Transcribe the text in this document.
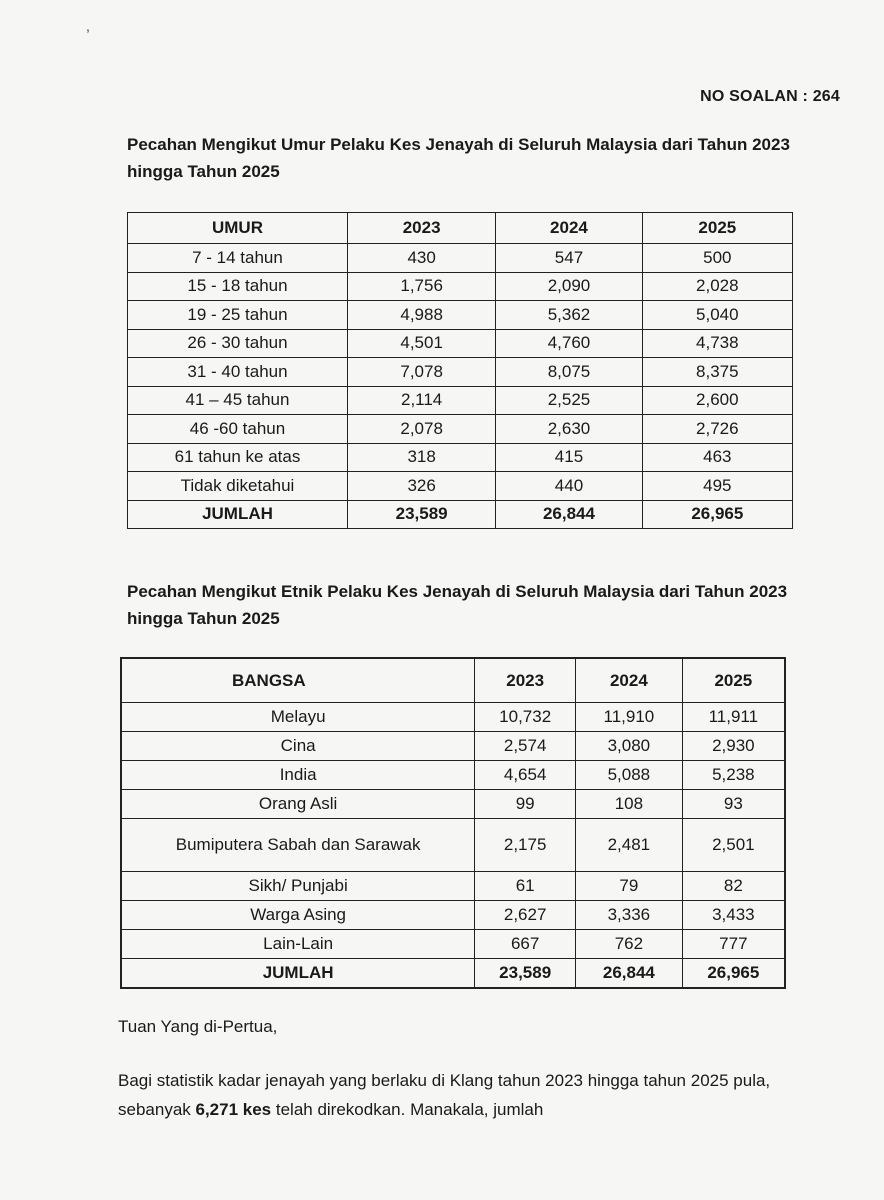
,
NO SOALAN : 264
Pecahan Mengikut Umur Pelaku Kes Jenayah di Seluruh Malaysia dari Tahun 2023 hingga Tahun 2025
UMUR	2023	2024	2025
7 - 14 tahun	430	547	500
15 - 18 tahun	1,756	2,090	2,028
19 - 25 tahun	4,988	5,362	5,040
26 - 30 tahun	4,501	4,760	4,738
31 - 40 tahun	7,078	8,075	8,375
41 – 45 tahun	2,114	2,525	2,600
46 -60 tahun	2,078	2,630	2,726
61 tahun ke atas	318	415	463
Tidak diketahui	326	440	495
JUMLAH	23,589	26,844	26,965
Pecahan Mengikut Etnik Pelaku Kes Jenayah di Seluruh Malaysia dari Tahun 2023 hingga Tahun 2025
BANGSA	2023	2024	2025
Melayu	10,732	11,910	11,911
Cina	2,574	3,080	2,930
India	4,654	5,088	5,238
Orang Asli	99	108	93
Bumiputera Sabah dan Sarawak	2,175	2,481	2,501
Sikh/ Punjabi	61	79	82
Warga Asing	2,627	3,336	3,433
Lain-Lain	667	762	777
JUMLAH	23,589	26,844	26,965
Tuan Yang di-Pertua,
Bagi statistik kadar jenayah yang berlaku di Klang tahun 2023 hingga tahun 2025 pula, sebanyak 6,271 kes telah direkodkan. Manakala, jumlah
